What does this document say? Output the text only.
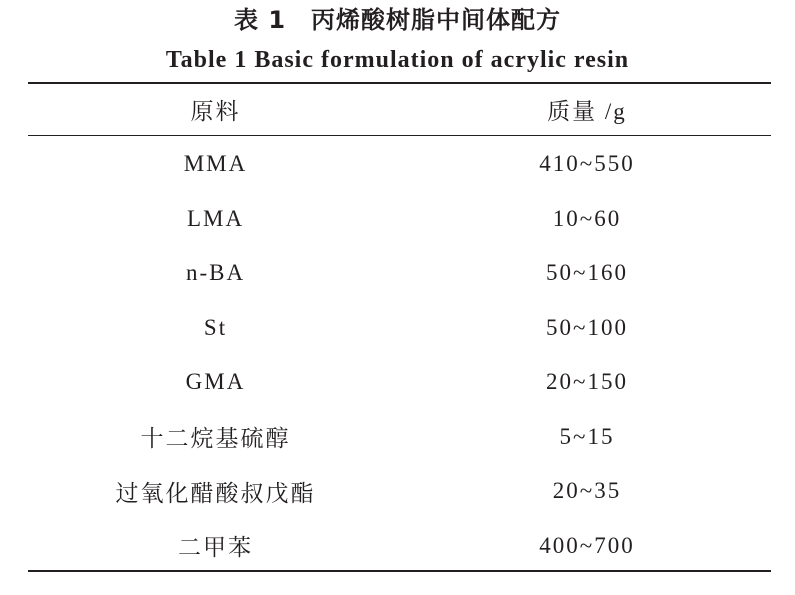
表 1　丙烯酸树脂中间体配方
Table 1 Basic formulation of acrylic resin
原料	质量 /g
MMA	410~550
LMA	10~60
n-BA	50~160
St	50~100
GMA	20~150
十二烷基硫醇	5~15
过氧化醋酸叔戊酯	20~35
二甲苯	400~700
